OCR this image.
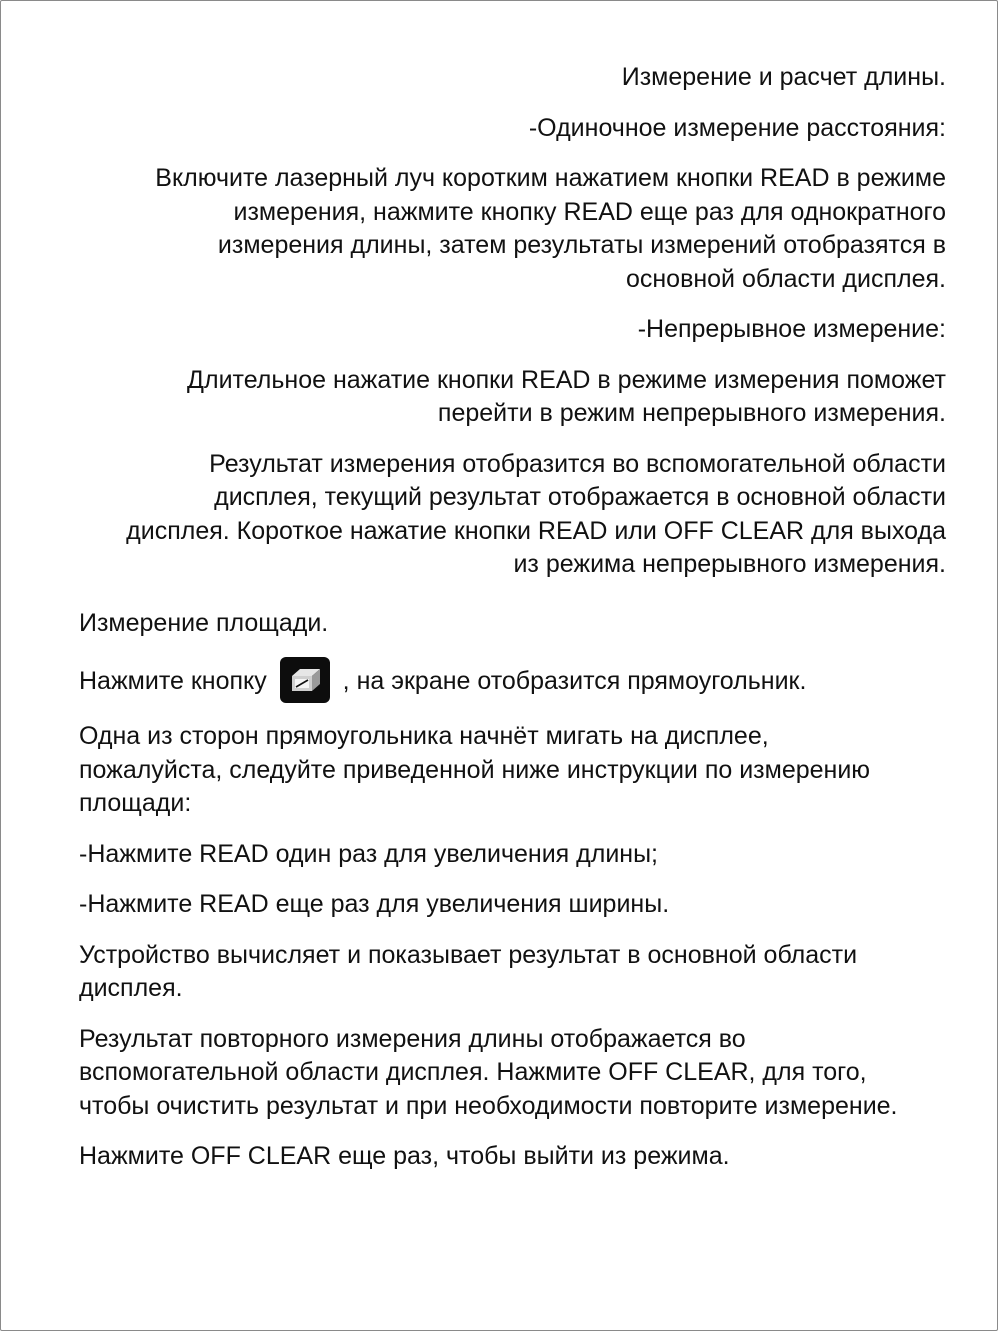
Измерение и расчет длины.

-Одиночное измерение расстояния:

Включите лазерный луч коротким нажатием кнопки READ в режиме измерения, нажмите кнопку READ еще раз для однократного измерения длины, затем результаты измерений отобразятся в основной области дисплея.

-Непрерывное измерение:

Длительное нажатие кнопки READ в режиме измерения поможет перейти в режим непрерывного измерения.

Результат измерения отобразится во вспомогательной области дисплея, текущий результат отображается в основной области дисплея. Короткое нажатие кнопки READ или OFF CLEAR для выхода из режима непрерывного измерения.

Измерение площади.

Нажмите кнопку	, на экране отобразится прямоугольник.

Одна из сторон прямоугольника начнёт мигать на дисплее, пожалуйста, следуйте приведенной ниже инструкции по измерению площади:

-Нажмите READ один раз для увеличения длины;

-Нажмите READ еще раз для увеличения ширины.

Устройство вычисляет и показывает результат в основной области дисплея.

Результат повторного измерения длины отображается во вспомогательной области дисплея. Нажмите OFF CLEAR, для того, чтобы очистить результат и при необходимости повторите измерение.

Нажмите OFF CLEAR еще раз, чтобы выйти из режима.
